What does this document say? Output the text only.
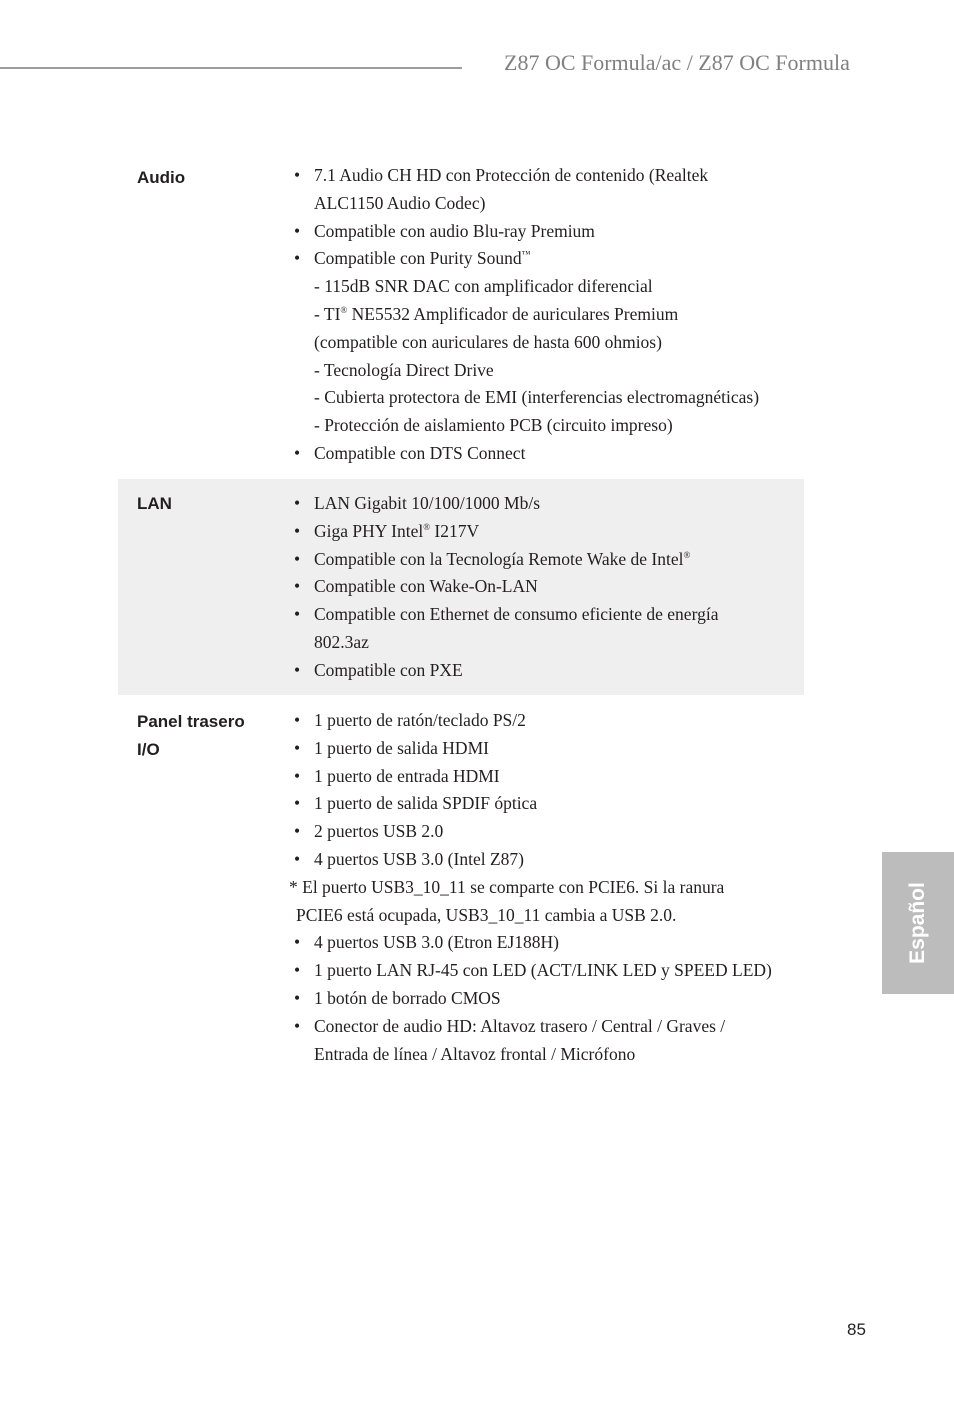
Z87 OC Formula/ac / Z87 OC Formula
Audio	• 7.1 Audio CH HD con Protección de contenido (Realtek
ALC1150 Audio Codec)
• Compatible con audio Blu-ray Premium
• Compatible con Purity Sound™
- 115dB SNR DAC con amplificador diferencial
- TI® NE5532 Amplificador de auriculares Premium
(compatible con auriculares de hasta 600 ohmios)
- Tecnología Direct Drive
- Cubierta protectora de EMI (interferencias electromagnéticas)
- Protección de aislamiento PCB (circuito impreso)
• Compatible con DTS Connect
LAN	• LAN Gigabit 10/100/1000 Mb/s
• Giga PHY Intel® I217V
• Compatible con la Tecnología Remote Wake de Intel®
• Compatible con Wake-On-LAN
• Compatible con Ethernet de consumo eficiente de energía
802.3az
• Compatible con PXE
Panel trasero
I/O
• 1 puerto de ratón/teclado PS/2
• 1 puerto de salida HDMI
• 1 puerto de entrada HDMI
• 1 puerto de salida SPDIF óptica
• 2 puertos USB 2.0
• 4 puertos USB 3.0 (Intel Z87)
* El puerto USB3_10_11 se comparte con PCIE6. Si la ranura
PCIE6 está ocupada, USB3_10_11 cambia a USB 2.0.
• 4 puertos USB 3.0 (Etron EJ188H)
• 1 puerto LAN RJ-45 con LED (ACT/LINK LED y SPEED LED)
• 1 botón de borrado CMOS
• Conector de audio HD: Altavoz trasero / Central / Graves /
Entrada de línea / Altavoz frontal / Micrófono
Español
85
